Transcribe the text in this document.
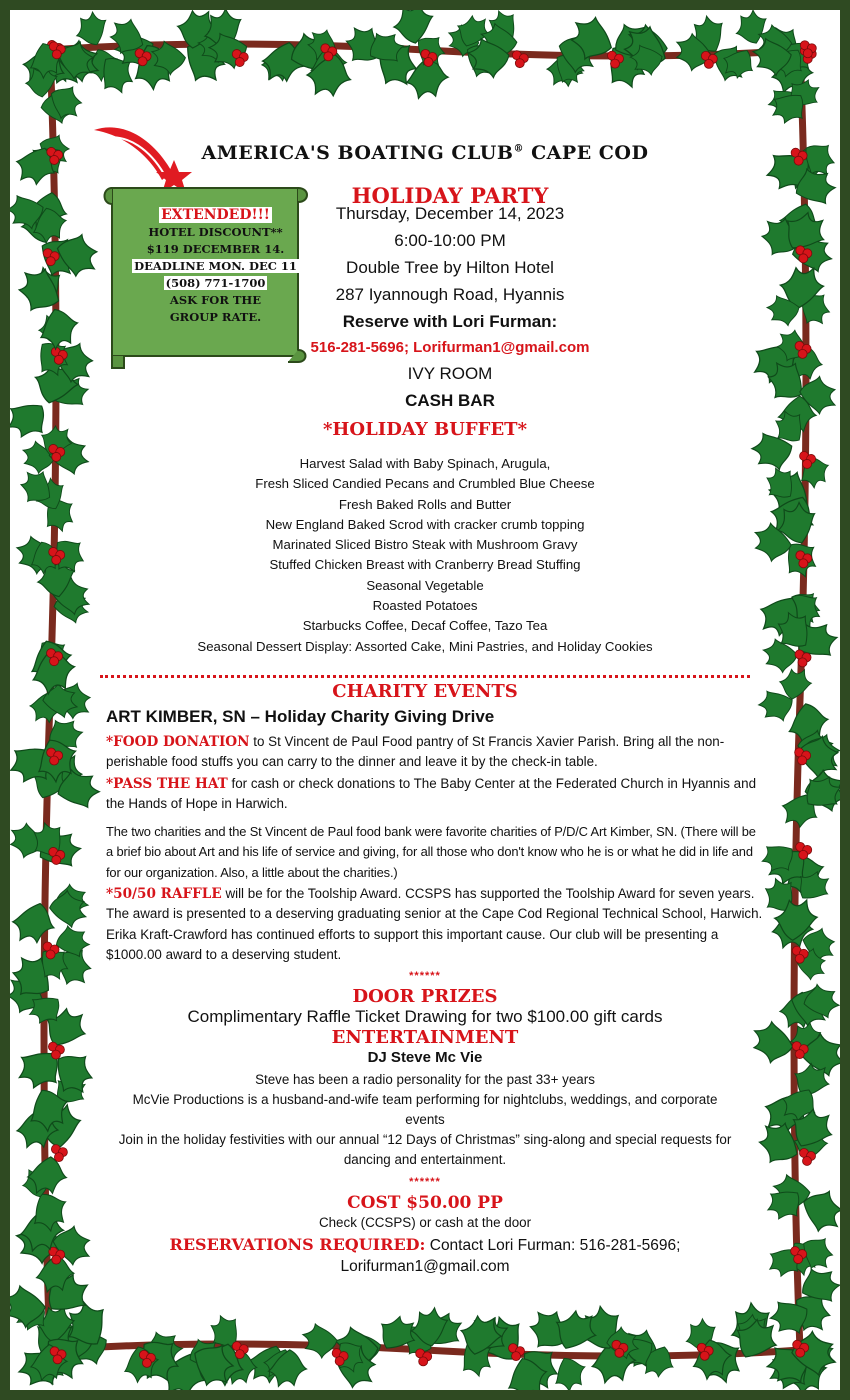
EXTENDED!!!
HOTEL DISCOUNT**
$119 DECEMBER 14.
DEADLINE MON. DEC 11
(508) 771-1700
ASK FOR THE
GROUP RATE.
AMERICA'S BOATING CLUB® CAPE COD
HOLIDAY PARTY
Thursday, December 14, 2023
6:00-10:00 PM
Double Tree by Hilton Hotel
287 Iyannough Road, Hyannis
Reserve with Lori Furman:
516-281-5696; Lorifurman1@gmail.com
IVY ROOM
CASH BAR
*HOLIDAY BUFFET*
Harvest Salad with Baby Spinach, Arugula,
Fresh Sliced Candied Pecans and Crumbled Blue Cheese
Fresh Baked Rolls and Butter
New England Baked Scrod with cracker crumb topping
Marinated Sliced Bistro Steak with Mushroom Gravy
Stuffed Chicken Breast with Cranberry Bread Stuffing
Seasonal Vegetable
Roasted Potatoes
Starbucks Coffee, Decaf Coffee, Tazo Tea
Seasonal Dessert Display: Assorted Cake, Mini Pastries, and Holiday Cookies
CHARITY EVENTS
ART KIMBER, SN – Holiday Charity Giving Drive
*FOOD DONATION to St Vincent de Paul Food pantry of St Francis Xavier Parish. Bring all the non-perishable food stuffs you can carry to the dinner and leave it by the check-in table.
*PASS THE HAT for cash or check donations to The Baby Center at the Federated Church in Hyannis and the Hands of Hope in Harwich.
The two charities and the St Vincent de Paul food bank were favorite charities of P/D/C Art Kimber, SN. (There will be a brief bio about Art and his life of service and giving, for all those who don't know who he is or what he did in life and for our organization. Also, a little about the charities.)
*50/50 RAFFLE will be for the Toolship Award. CCSPS has supported the Toolship Award for seven years. The award is presented to a deserving graduating senior at the Cape Cod Regional Technical School, Harwich. Erika Kraft-Crawford has continued efforts to support this important cause. Our club will be presenting a $1000.00 award to a deserving student.
******
DOOR PRIZES
Complimentary Raffle Ticket Drawing for two $100.00 gift cards
ENTERTAINMENT
DJ Steve Mc Vie
Steve has been a radio personality for the past 33+ years
McVie Productions is a husband-and-wife team performing for nightclubs, weddings, and corporate events
Join in the holiday festivities with our annual “12 Days of Christmas” sing-along and special requests for dancing and entertainment.
******
COST $50.00 PP
Check (CCSPS) or cash at the door
RESERVATIONS REQUIRED: Contact Lori Furman: 516-281-5696;
Lorifurman1@gmail.com
